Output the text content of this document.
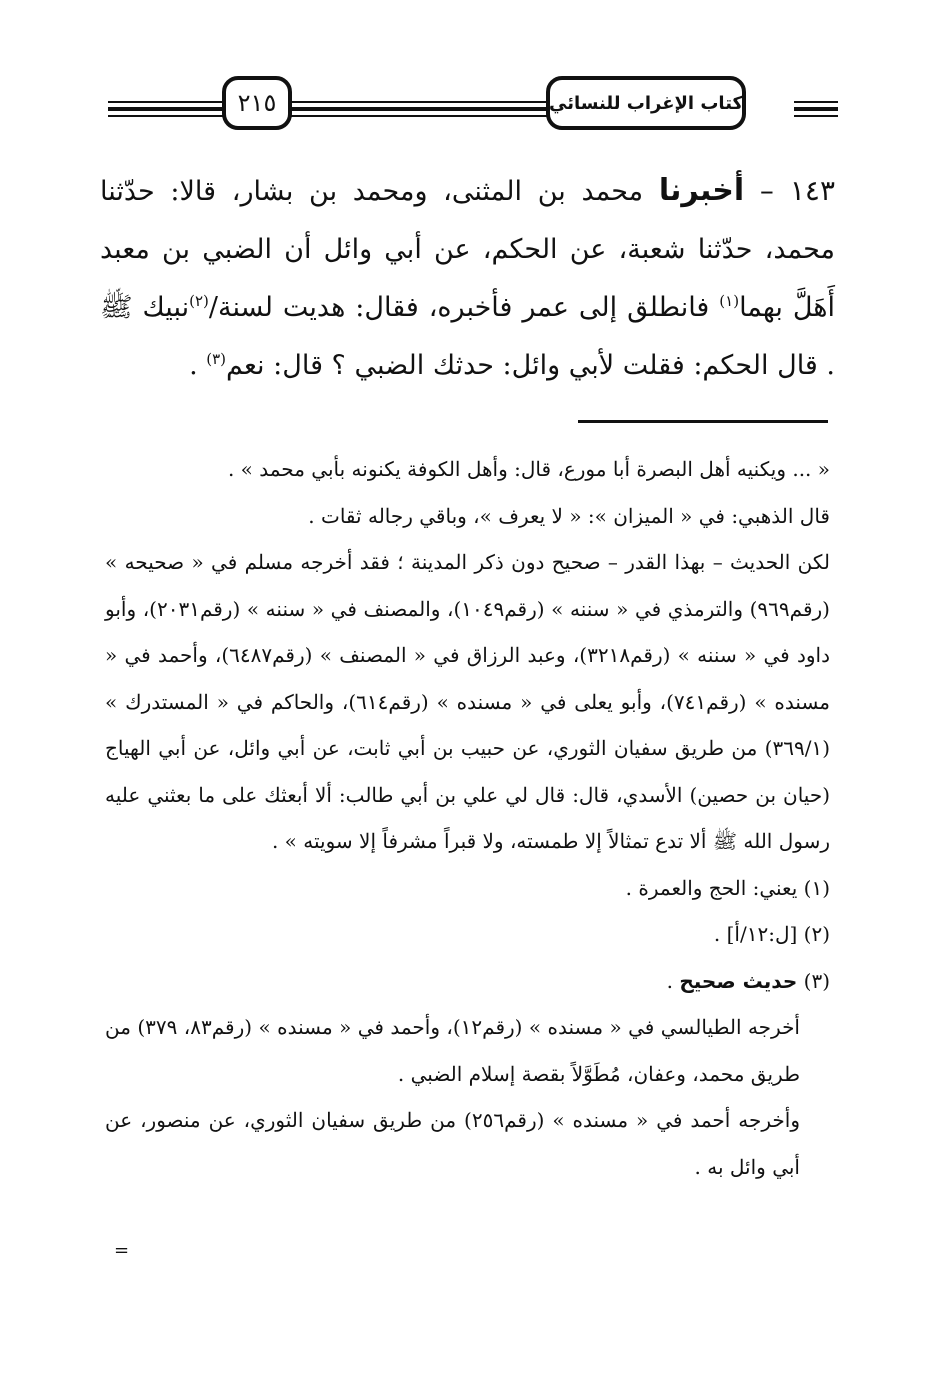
٢١٥	كتاب الإغراب للنسائي

١٤٣ – أخبرنا محمد بن المثنى، ومحمد بن بشار، قالا: حدّثنا محمد، حدّثنا شعبة، عن الحكم، عن أبي وائل أن الضبي بن معبد أَهَلَّ بهما$^{(١)}$ فانطلق إلى عمر فأخبره، فقال: هديت لسنة/$^{(٢)}$نبيك ﷺ . قال الحكم: فقلت لأبي وائل: حدثك الضبي ؟ قال: نعم$^{(٣)}$ .

« ... ويكنيه أهل البصرة أبا مورع، قال: وأهل الكوفة يكنونه بأبي محمد » .

قال الذهبي: في « الميزان »: « لا يعرف »، وباقي رجاله ثقات .

لكن الحديث – بهذا القدر – صحيح دون ذكر المدينة ؛ فقد أخرجه مسلم في « صحيحه » (رقم٩٦٩) والترمذي في « سننه » (رقم١٠٤٩)، والمصنف في « سننه » (رقم٢٠٣١)، وأبو داود في « سننه » (رقم٣٢١٨)، وعبد الرزاق في « المصنف » (رقم٦٤٨٧)، وأحمد في « مسنده » (رقم٧٤١)، وأبو يعلى في « مسنده » (رقم٦١٤)، والحاكم في « المستدرك » (٣٦٩/١) من طريق سفيان الثوري، عن حبيب بن أبي ثابت، عن أبي وائل، عن أبي الهياج (حيان بن حصين) الأسدي، قال: قال لي علي بن أبي طالب: ألا أبعثك على ما بعثني عليه رسول الله ﷺ ألا تدع تمثالاً إلا طمسته، ولا قبراً مشرفاً إلا سويته » .

(١) يعني: الحج والعمرة .

(٢) [ل:١٢/أ] .

(٣) حديث صحيح .

أخرجه الطيالسي في « مسنده » (رقم١٢)، وأحمد في « مسنده » (رقم٨٣، ٣٧٩) من طريق محمد، وعفان، مُطَوَّلاً بقصة إسلام الضبي .

وأخرجه أحمد في « مسنده » (رقم٢٥٦) من طريق سفيان الثوري، عن منصور، عن أبي وائل به .

=
